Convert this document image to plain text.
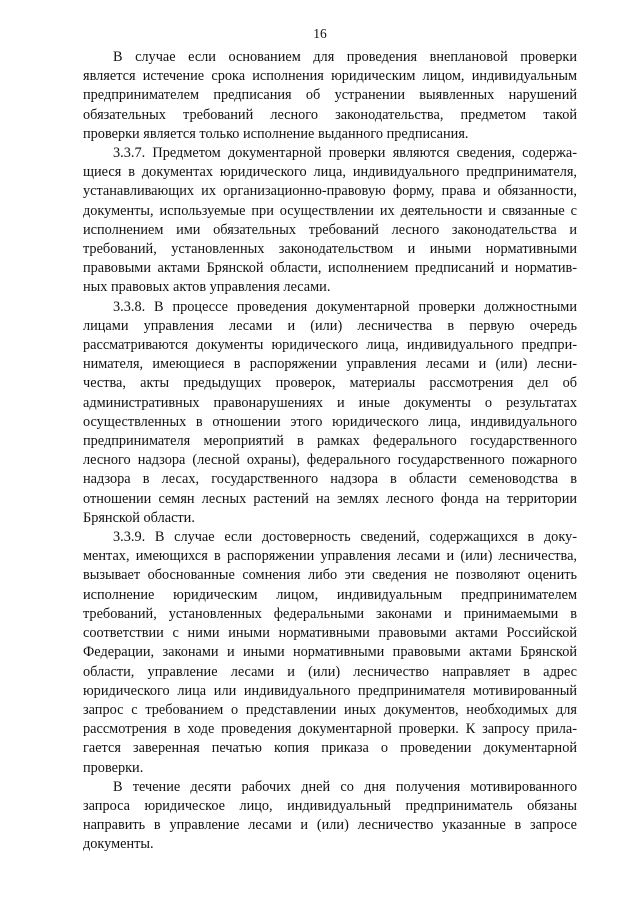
16

В случае если основанием для проведения внеплановой проверки
является истечение срока исполнения юридическим лицом, индивидуальным
предпринимателем предписания об устранении выявленных нарушений
обязательных требований лесного законодательства, предметом такой
проверки является только исполнение выданного предписания.

3.3.7. Предметом документарной проверки являются сведения, содержа-
щиеся в документах юридического лица, индивидуального предпринимателя,
устанавливающих их организационно-правовую форму, права и обязанности,
документы, используемые при осуществлении их деятельности и связанные с
исполнением ими обязательных требований лесного законодательства и
требований, установленных законодательством и иными нормативными
правовыми актами Брянской области, исполнением предписаний и норматив-
ных правовых актов управления лесами.

3.3.8. В процессе проведения документарной проверки должностными
лицами управления лесами и (или) лесничества в первую очередь
рассматриваются документы юридического лица, индивидуального предпри-
нимателя, имеющиеся в распоряжении управления лесами и (или) лесни-
чества, акты предыдущих проверок, материалы рассмотрения дел об
административных правонарушениях и иные документы о результатах
осуществленных в отношении этого юридического лица, индивидуального
предпринимателя мероприятий в рамках федерального государственного
лесного надзора (лесной охраны), федерального государственного пожарного
надзора в лесах, государственного надзора в области семеноводства в
отношении семян лесных растений на землях лесного фонда на территории
Брянской области.

3.3.9. В случае если достоверность сведений, содержащихся в доку-
ментах, имеющихся в распоряжении управления лесами и (или) лесничества,
вызывает обоснованные сомнения либо эти сведения не позволяют оценить
исполнение юридическим лицом, индивидуальным предпринимателем
требований, установленных федеральными законами и принимаемыми в
соответствии с ними иными нормативными правовыми актами Российской
Федерации, законами и иными нормативными правовыми актами Брянской
области, управление лесами и (или) лесничество направляет в адрес
юридического лица или индивидуального предпринимателя мотивированный
запрос с требованием о представлении иных документов, необходимых для
рассмотрения в ходе проведения документарной проверки. К запросу прила-
гается заверенная печатью копия приказа о проведении документарной
проверки.

В течение десяти рабочих дней со дня получения мотивированного
запроса юридическое лицо, индивидуальный предприниматель обязаны
направить в управление лесами и (или) лесничество указанные в запросе
документы.
